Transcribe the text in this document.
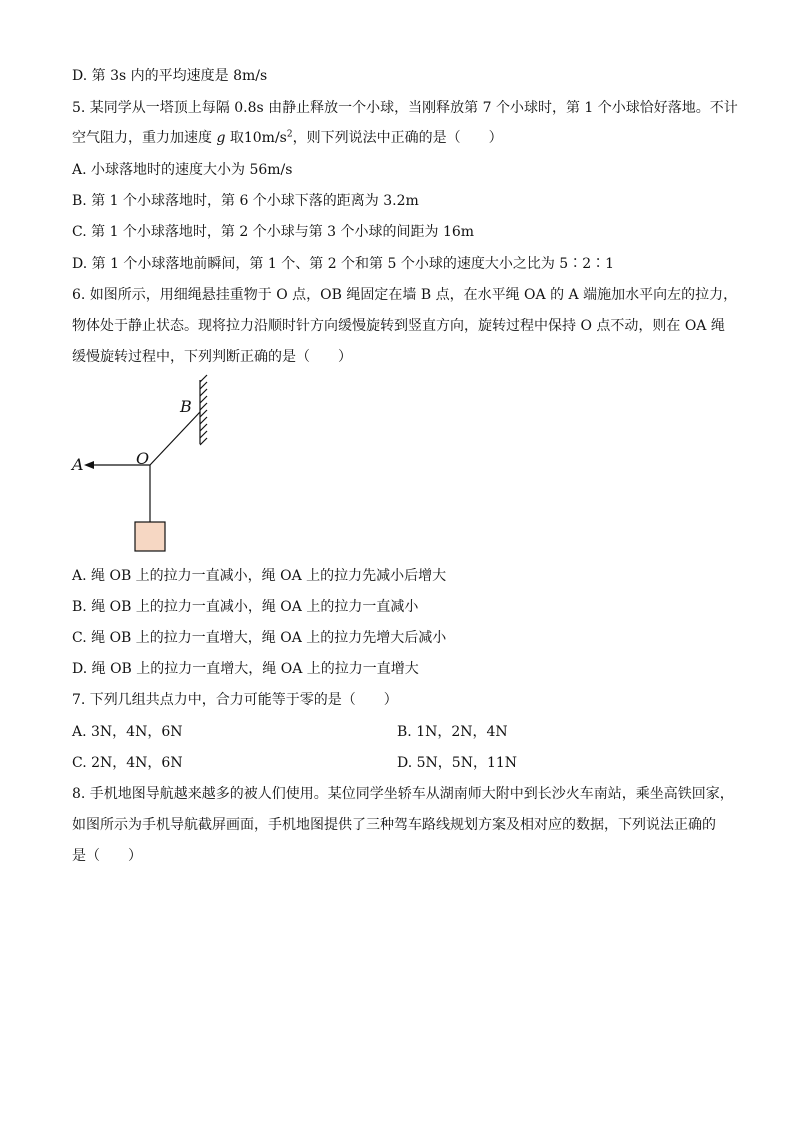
D. 第 3s 内的平均速度是 8m/s
5. 某同学从一塔顶上每隔 0.8s 由静止释放一个小球，当刚释放第 7 个小球时，第 1 个小球恰好落地。不计
空气阻力，重力加速度 g 取$10m/s^2$，则下列说法中正确的是（　　）
A. 小球落地时的速度大小为 56m/s
B. 第 1 个小球落地时，第 6 个小球下落的距离为 3.2m
C. 第 1 个小球落地时，第 2 个小球与第 3 个小球的间距为 16m
D. 第 1 个小球落地前瞬间，第 1 个、第 2 个和第 5 个小球的速度大小之比为 5∶2∶1
6. 如图所示，用细绳悬挂重物于 O 点，OB 绳固定在墙 B 点，在水平绳 OA 的 A 端施加水平向左的拉力，
物体处于静止状态。现将拉力沿顺时针方向缓慢旋转到竖直方向，旋转过程中保持 O 点不动，则在 OA 绳
缓慢旋转过程中，下列判断正确的是（　　）
A	O
B
A. 绳 OB 上的拉力一直减小，绳 OA 上的拉力先减小后增大
B. 绳 OB 上的拉力一直减小，绳 OA 上的拉力一直减小
C. 绳 OB 上的拉力一直增大，绳 OA 上的拉力先增大后减小
D. 绳 OB 上的拉力一直增大，绳 OA 上的拉力一直增大
7. 下列几组共点力中，合力可能等于零的是（　　）
A. 3N，4N，6N	B. 1N，2N，4N
C. 2N，4N，6N	D. 5N，5N，11N
8. 手机地图导航越来越多的被人们使用。某位同学坐轿车从湖南师大附中到长沙火车南站，乘坐高铁回家，
如图所示为手机导航截屏画面，手机地图提供了三种驾车路线规划方案及相对应的数据，下列说法正确的
是（　　）
